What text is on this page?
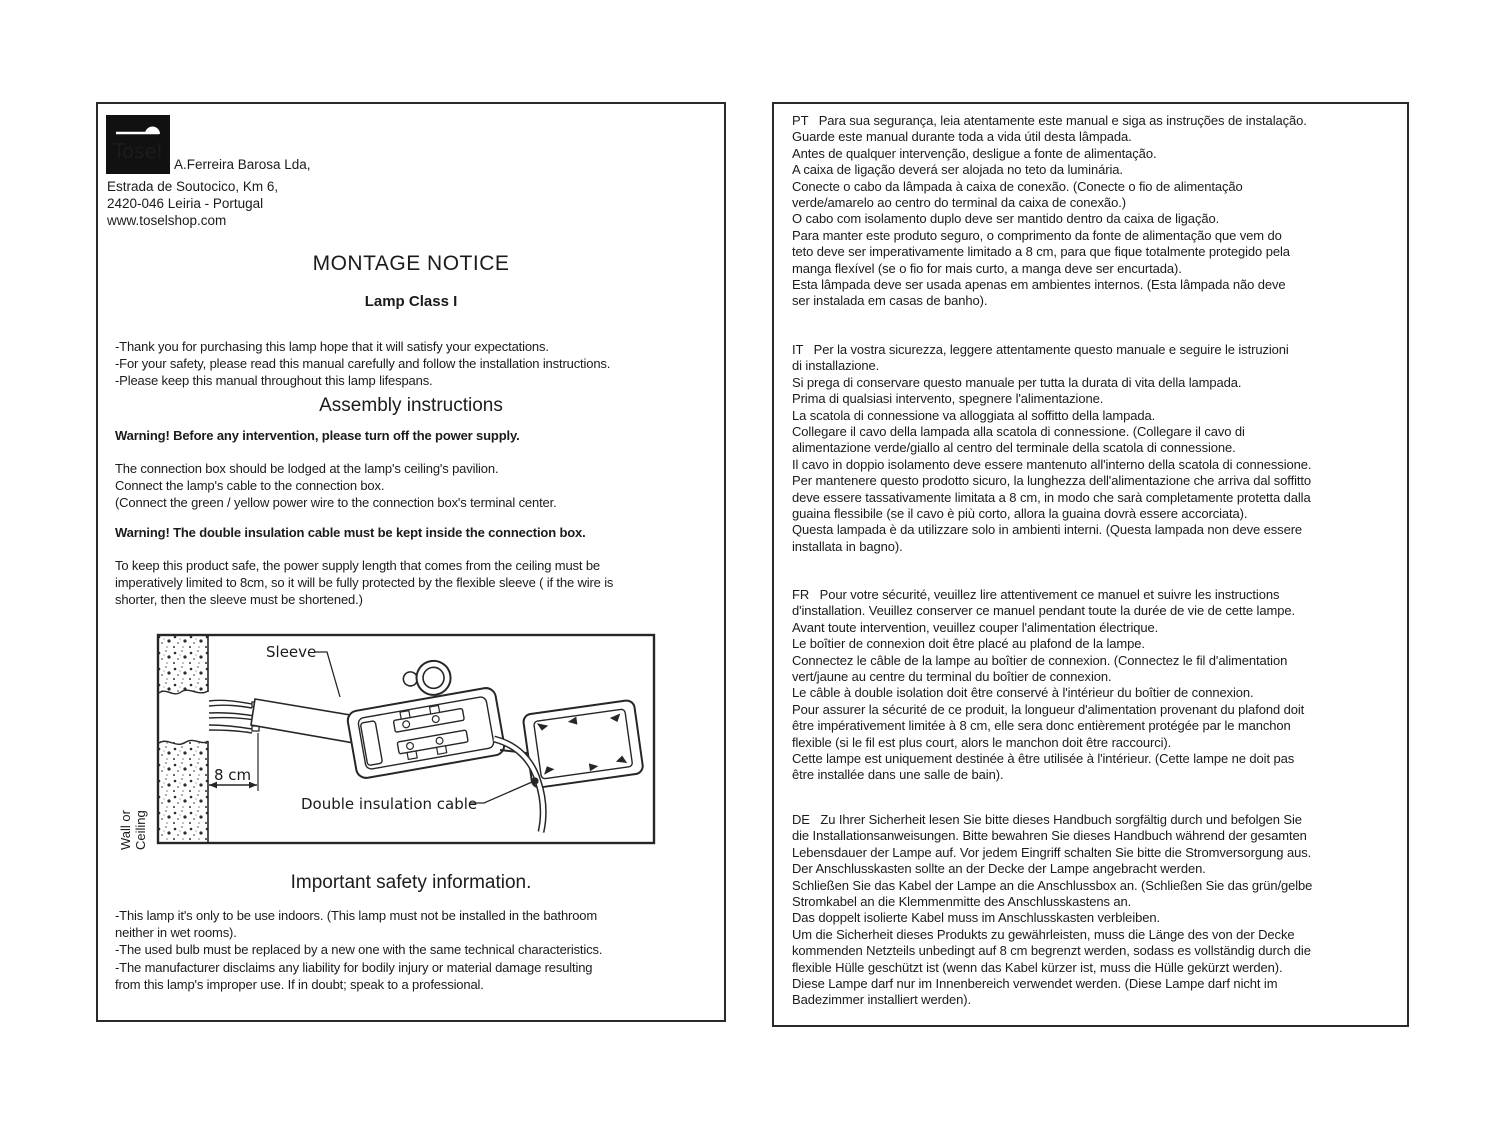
Tosel
A.Ferreira Barosa Lda,
Estrada de Soutocico, Km 6,
2420-046 Leiria - Portugal
www.toselshop.com
MONTAGE NOTICE
Lamp Class I
-Thank you for purchasing this lamp hope that it will satisfy your expectations.
-For your safety, please read this manual carefully and follow the installation instructions.
-Please keep this manual throughout this lamp lifespans.
Assembly instructions
Warning! Before any intervention, please turn off the power supply.
The connection box should be lodged at the lamp's ceiling's pavilion.
Connect the lamp's cable to the connection box.
(Connect the green / yellow power wire to the connection box's terminal center.
Warning! The double insulation cable must be kept inside the connection box.
To keep this product safe, the power supply length that comes from the ceiling must be
imperatively limited to 8cm, so it will be fully protected by the flexible sleeve ( if the wire is
shorter, then the sleeve must be shortened.)
8 cm
Sleeve
Double insulation cable
Wall or Ceiling
Important safety information.
-This lamp it's only to be use indoors. (This lamp must not be installed in the bathroom
neither in wet rooms).
-The used bulb must be replaced by a new one with the same technical characteristics.
-The manufacturer disclaims any liability for bodily injury or material damage resulting
from this lamp's improper use. If in doubt; speak to a professional.
PT   Para sua segurança, leia atentamente este manual e siga as instruções de instalação.
Guarde este manual durante toda a vida útil desta lâmpada.
Antes de qualquer intervenção, desligue a fonte de alimentação.
A caixa de ligação deverá ser alojada no teto da luminária.
Conecte o cabo da lâmpada à caixa de conexão. (Conecte o fio de alimentação
verde/amarelo ao centro do terminal da caixa de conexão.)
O cabo com isolamento duplo deve ser mantido dentro da caixa de ligação.
Para manter este produto seguro, o comprimento da fonte de alimentação que vem do
teto deve ser imperativamente limitado a 8 cm, para que fique totalmente protegido pela
manga flexível (se o fio for mais curto, a manga deve ser encurtada).
Esta lâmpada deve ser usada apenas em ambientes internos. (Esta lâmpada não deve
ser instalada em casas de banho).
IT   Per la vostra sicurezza, leggere attentamente questo manuale e seguire le istruzioni
di installazione.
Si prega di conservare questo manuale per tutta la durata di vita della lampada.
Prima di qualsiasi intervento, spegnere l'alimentazione.
La scatola di connessione va alloggiata al soffitto della lampada.
Collegare il cavo della lampada alla scatola di connessione. (Collegare il cavo di
alimentazione verde/giallo al centro del terminale della scatola di connessione.
Il cavo in doppio isolamento deve essere mantenuto all'interno della scatola di connessione.
Per mantenere questo prodotto sicuro, la lunghezza dell'alimentazione che arriva dal soffitto
deve essere tassativamente limitata a 8 cm, in modo che sarà completamente protetta dalla
guaina flessibile (se il cavo è più corto, allora la guaina dovrà essere accorciata).
Questa lampada è da utilizzare solo in ambienti interni. (Questa lampada non deve essere
installata in bagno).
FR   Pour votre sécurité, veuillez lire attentivement ce manuel et suivre les instructions
d'installation. Veuillez conserver ce manuel pendant toute la durée de vie de cette lampe.
Avant toute intervention, veuillez couper l'alimentation électrique.
Le boîtier de connexion doit être placé au plafond de la lampe.
Connectez le câble de la lampe au boîtier de connexion. (Connectez le fil d'alimentation
vert/jaune au centre du terminal du boîtier de connexion.
Le câble à double isolation doit être conservé à l'intérieur du boîtier de connexion.
Pour assurer la sécurité de ce produit, la longueur d'alimentation provenant du plafond doit
être impérativement limitée à 8 cm, elle sera donc entièrement protégée par le manchon
flexible (si le fil est plus court, alors le manchon doit être raccourci).
Cette lampe est uniquement destinée à être utilisée à l'intérieur. (Cette lampe ne doit pas
être installée dans une salle de bain).
DE   Zu Ihrer Sicherheit lesen Sie bitte dieses Handbuch sorgfältig durch und befolgen Sie
die Installationsanweisungen. Bitte bewahren Sie dieses Handbuch während der gesamten
Lebensdauer der Lampe auf. Vor jedem Eingriff schalten Sie bitte die Stromversorgung aus.
Der Anschlusskasten sollte an der Decke der Lampe angebracht werden.
Schließen Sie das Kabel der Lampe an die Anschlussbox an. (Schließen Sie das grün/gelbe
Stromkabel an die Klemmenmitte des Anschlusskastens an.
Das doppelt isolierte Kabel muss im Anschlusskasten verbleiben.
Um die Sicherheit dieses Produkts zu gewährleisten, muss die Länge des von der Decke
kommenden Netzteils unbedingt auf 8 cm begrenzt werden, sodass es vollständig durch die
flexible Hülle geschützt ist (wenn das Kabel kürzer ist, muss die Hülle gekürzt werden).
Diese Lampe darf nur im Innenbereich verwendet werden. (Diese Lampe darf nicht im
Badezimmer installiert werden).
